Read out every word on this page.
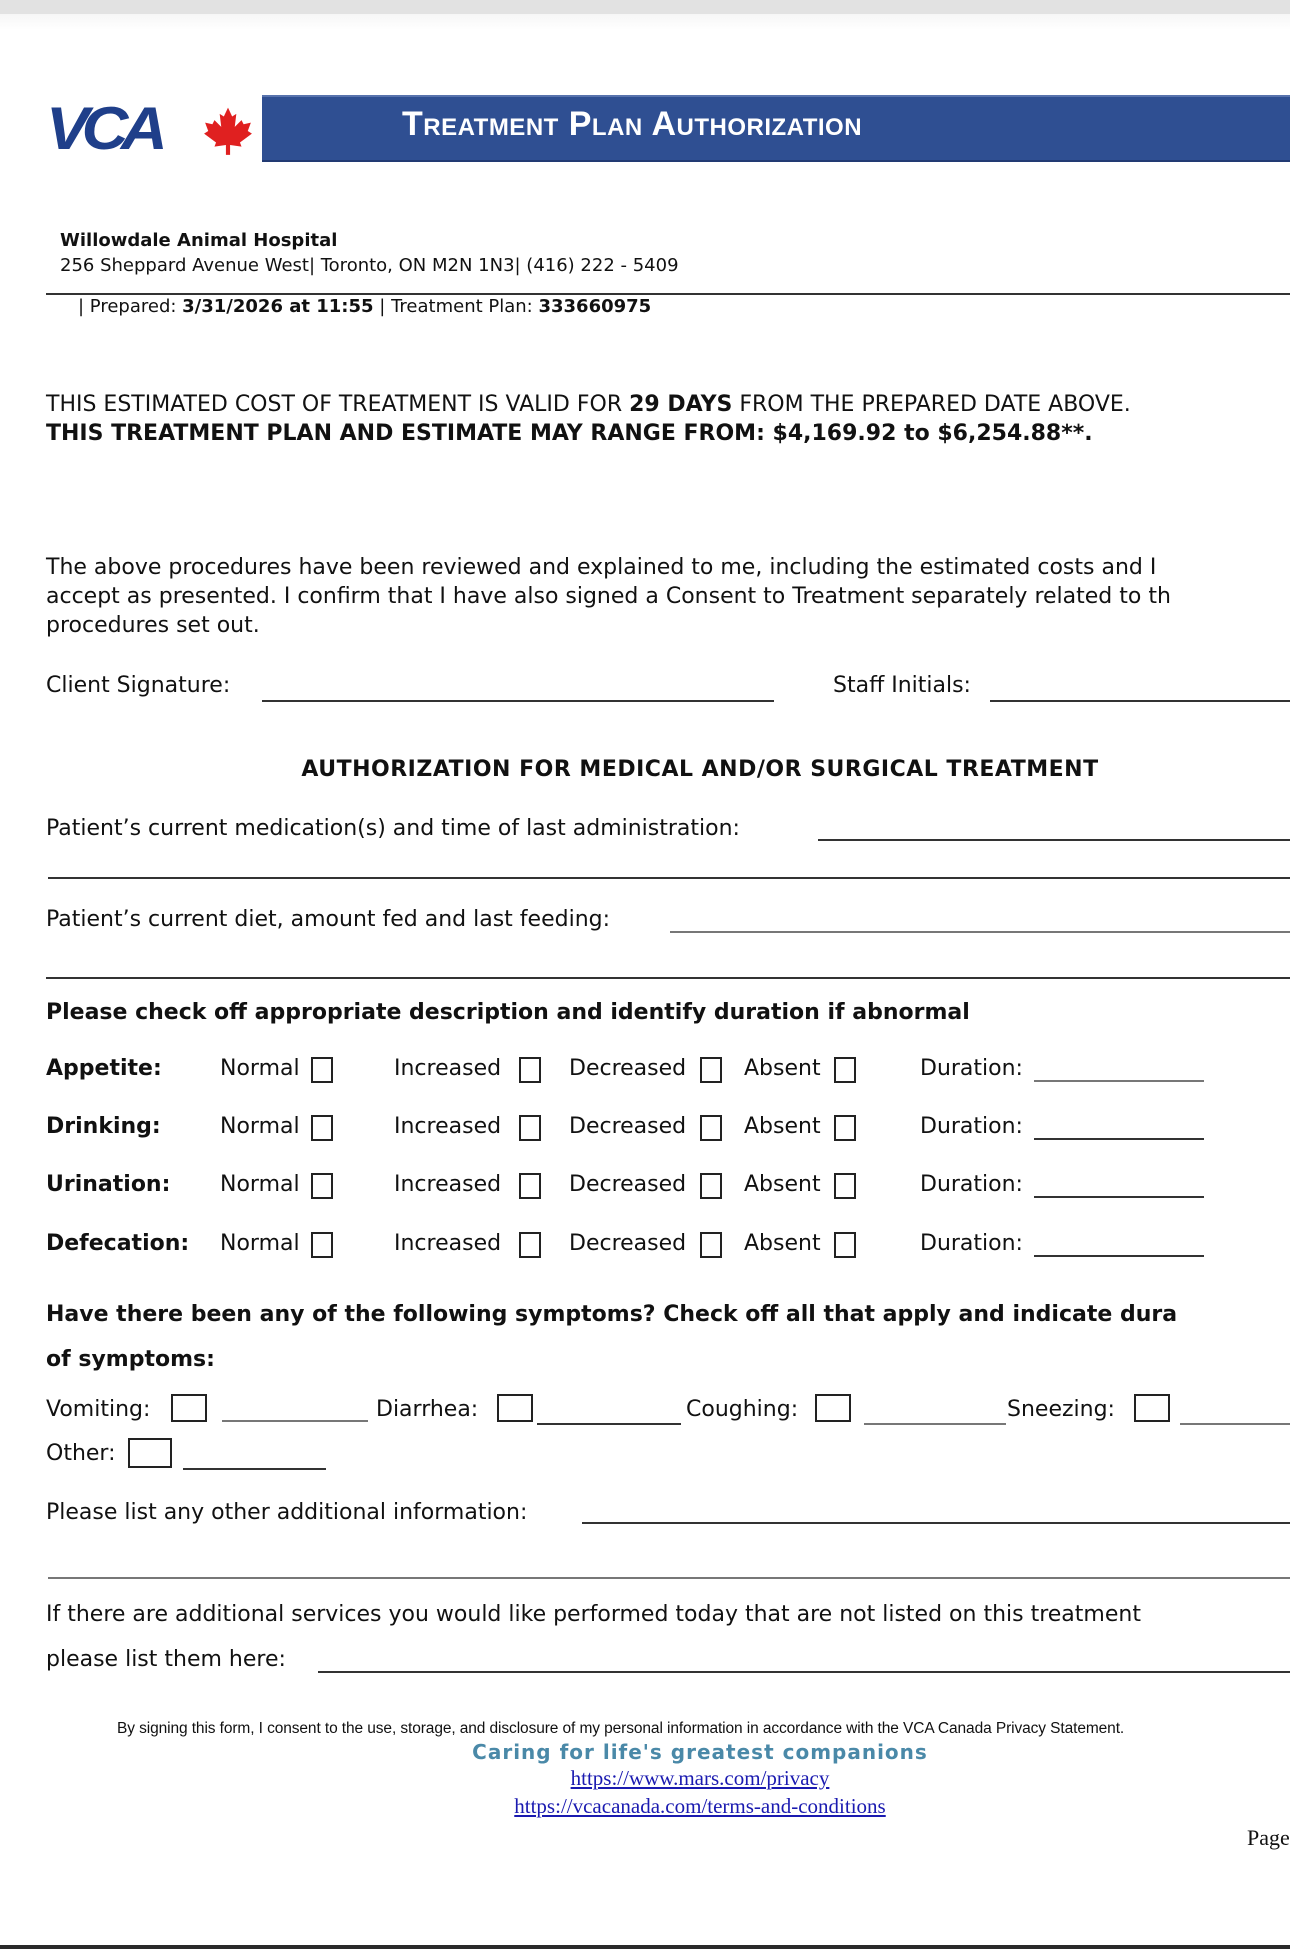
VCA	Treatment Plan Authorization
Willowdale Animal Hospital
256 Sheppard Avenue West| Toronto, ON M2N 1N3| (416) 222 - 5409
| Prepared: 3/31/2026 at 11:55 | Treatment Plan: 333660975
THIS ESTIMATED COST OF TREATMENT IS VALID FOR 29 DAYS FROM THE PREPARED DATE ABOVE.
THIS TREATMENT PLAN AND ESTIMATE MAY RANGE FROM: $4,169.92 to $6,254.88**.
The above procedures have been reviewed and explained to me, including the estimated costs and I
accept as presented. I confirm that I have also signed a Consent to Treatment separately related to th
procedures set out.
Client Signature:	Staff Initials:
AUTHORIZATION FOR MEDICAL AND/OR SURGICAL TREATMENT
Patient’s current medication(s) and time of last administration:
Patient’s current diet, amount fed and last feeding:
Please check off appropriate description and identify duration if abnormal
Appetite:	Normal	Increased	Decreased	Absent	Duration:
Drinking:	Normal	Increased	Decreased	Absent	Duration:
Urination: Normal	Increased	Decreased	Absent	Duration:
Defecation: Normal	Increased	Decreased	Absent	Duration:
Have there been any of the following symptoms? Check off all that apply and indicate dura
of symptoms:
Vomiting:	Diarrhea:	Coughing:	Sneezing:
Other:
Please list any other additional information:
If there are additional services you would like performed today that are not listed on this treatment
please list them here:
By signing this form, I consent to the use, storage, and disclosure of my personal information in accordance with the VCA Canada Privacy Statement.
Caring for life's greatest companions
https://www.mars.com/privacy
https://vcacanada.com/terms-and-conditions
Page
